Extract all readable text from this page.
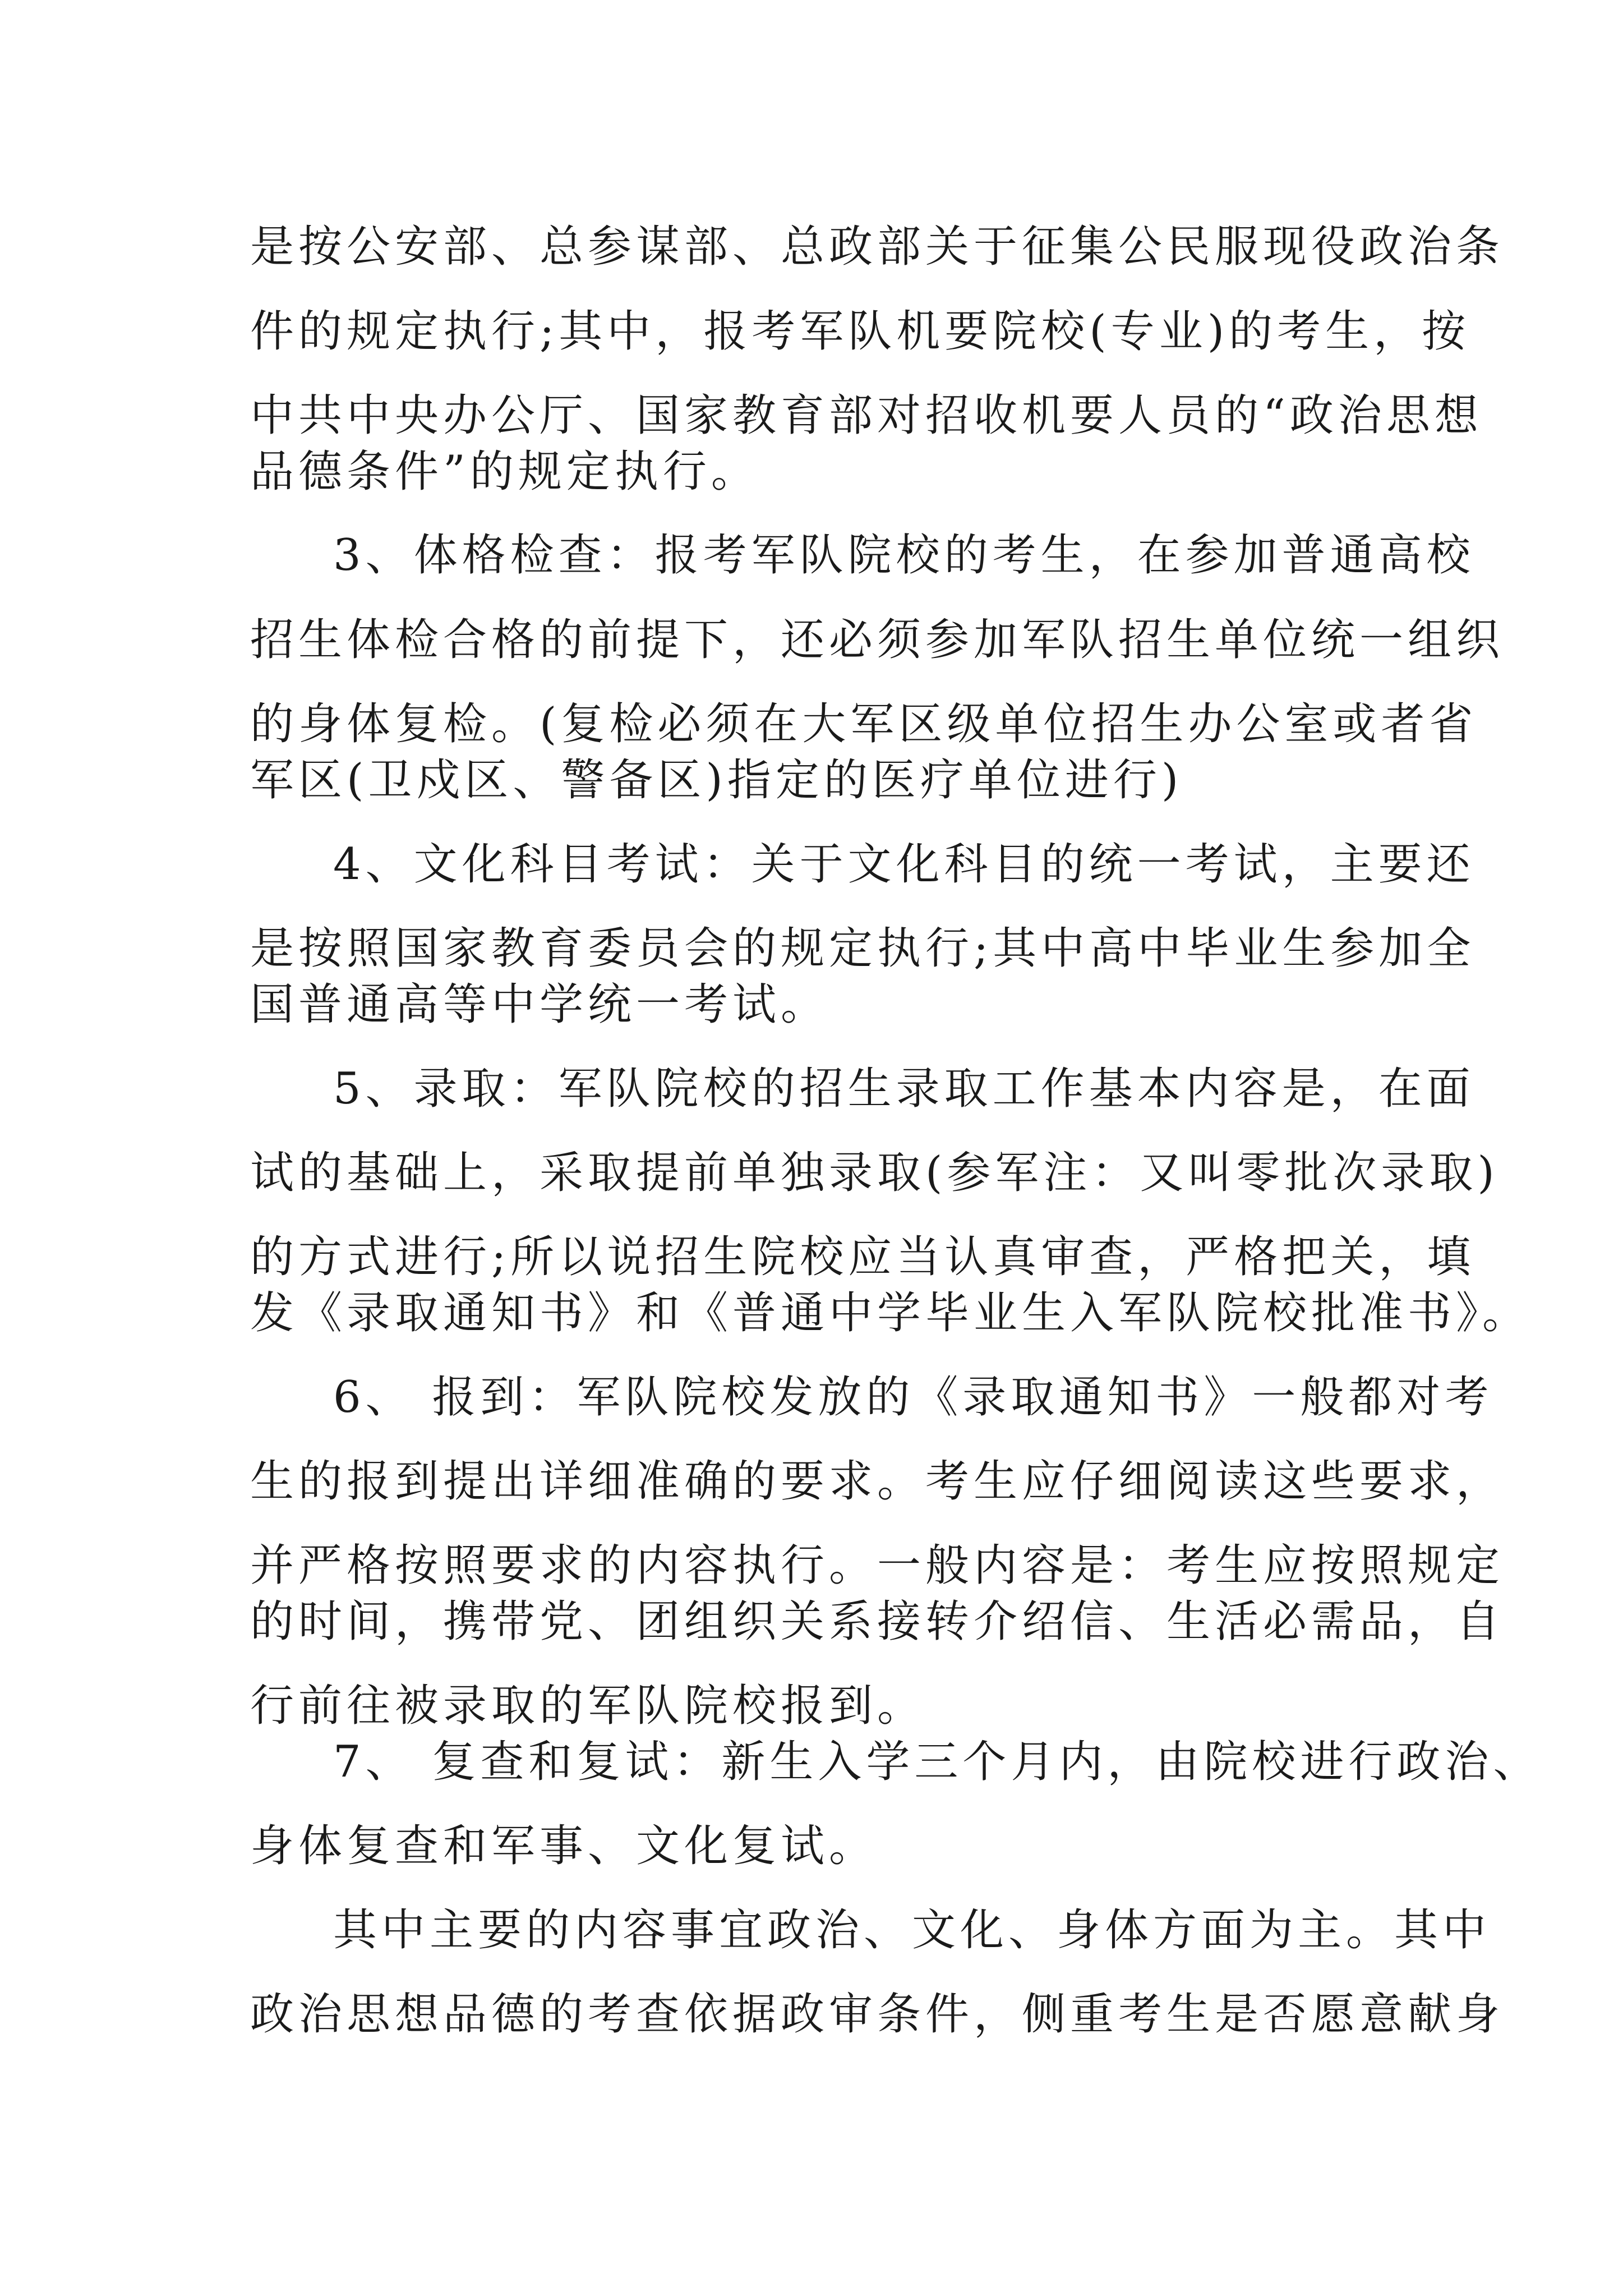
是按公安部、总参谋部、总政部关于征集公民服现役政治条
件的规定执行;其中，报考军队机要院校(专业)的考生，按
中共中央办公厅、国家教育部对招收机要人员的“政治思想
品德条件”的规定执行。
3、体格检查：报考军队院校的考生，在参加普通高校
招生体检合格的前提下，还必须参加军队招生单位统一组织
的身体复检。(复检必须在大军区级单位招生办公室或者省
军区(卫戍区、警备区)指定的医疗单位进行)
4、文化科目考试：关于文化科目的统一考试，主要还
是按照国家教育委员会的规定执行;其中高中毕业生参加全
国普通高等中学统一考试。
5、录取：军队院校的招生录取工作基本内容是，在面
试的基础上，采取提前单独录取(参军注：又叫零批次录取)
的方式进行;所以说招生院校应当认真审查，严格把关，填
发《录取通知书》和《普通中学毕业生入军队院校批准书》。
6、 报到：军队院校发放的《录取通知书》一般都对考
生的报到提出详细准确的要求。考生应仔细阅读这些要求，
并严格按照要求的内容执行。一般内容是：考生应按照规定
的时间，携带党、团组织关系接转介绍信、生活必需品，自
行前往被录取的军队院校报到。
7、 复查和复试：新生入学三个月内，由院校进行政治、
身体复查和军事、文化复试。
其中主要的内容事宜政治、文化、身体方面为主。其中
政治思想品德的考查依据政审条件，侧重考生是否愿意献身
